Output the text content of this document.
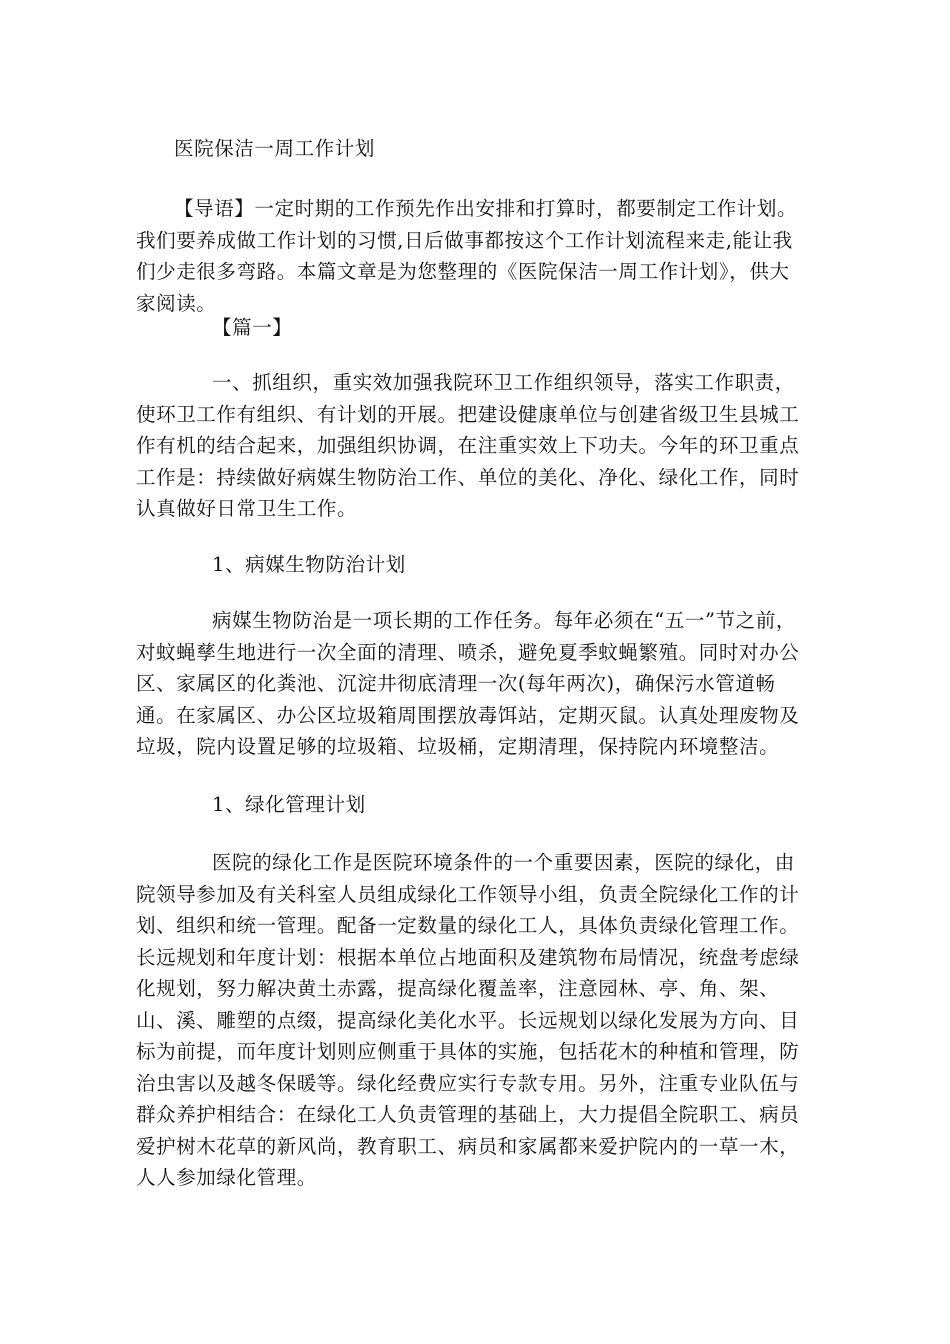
医院保洁一周工作计划

【导语】一定时期的工作预先作出安排和打算时，都要制定工作计划。我们要养成做工作计划的习惯,日后做事都按这个工作计划流程来走,能让我们少走很多弯路。本篇文章是为您整理的《医院保洁一周工作计划》，供大家阅读。

【篇一】

一、抓组织，重实效加强我院环卫工作组织领导，落实工作职责，使环卫工作有组织、有计划的开展。把建设健康单位与创建省级卫生县城工作有机的结合起来，加强组织协调，在注重实效上下功夫。今年的环卫重点工作是：持续做好病媒生物防治工作、单位的美化、净化、绿化工作，同时认真做好日常卫生工作。

1、病媒生物防治计划

病媒生物防治是一项长期的工作任务。每年必须在“五一”节之前，对蚊蝇孳生地进行一次全面的清理、喷杀，避免夏季蚊蝇繁殖。同时对办公区、家属区的化粪池、沉淀井彻底清理一次(每年两次)，确保污水管道畅通。在家属区、办公区垃圾箱周围摆放毒饵站，定期灭鼠。认真处理废物及垃圾，院内设置足够的垃圾箱、垃圾桶，定期清理，保持院内环境整洁。

1、绿化管理计划

医院的绿化工作是医院环境条件的一个重要因素，医院的绿化，由院领导参加及有关科室人员组成绿化工作领导小组，负责全院绿化工作的计划、组织和统一管理。配备一定数量的绿化工人，具体负责绿化管理工作。长远规划和年度计划：根据本单位占地面积及建筑物布局情况，统盘考虑绿化规划，努力解决黄土赤露，提高绿化覆盖率，注意园林、亭、角、架、山、溪、雕塑的点缀，提高绿化美化水平。长远规划以绿化发展为方向、目标为前提，而年度计划则应侧重于具体的实施，包括花木的种植和管理，防治虫害以及越冬保暖等。绿化经费应实行专款专用。另外，注重专业队伍与群众养护相结合：在绿化工人负责管理的基础上，大力提倡全院职工、病员爱护树木花草的新风尚，教育职工、病员和家属都来爱护院内的一草一木，人人参加绿化管理。
